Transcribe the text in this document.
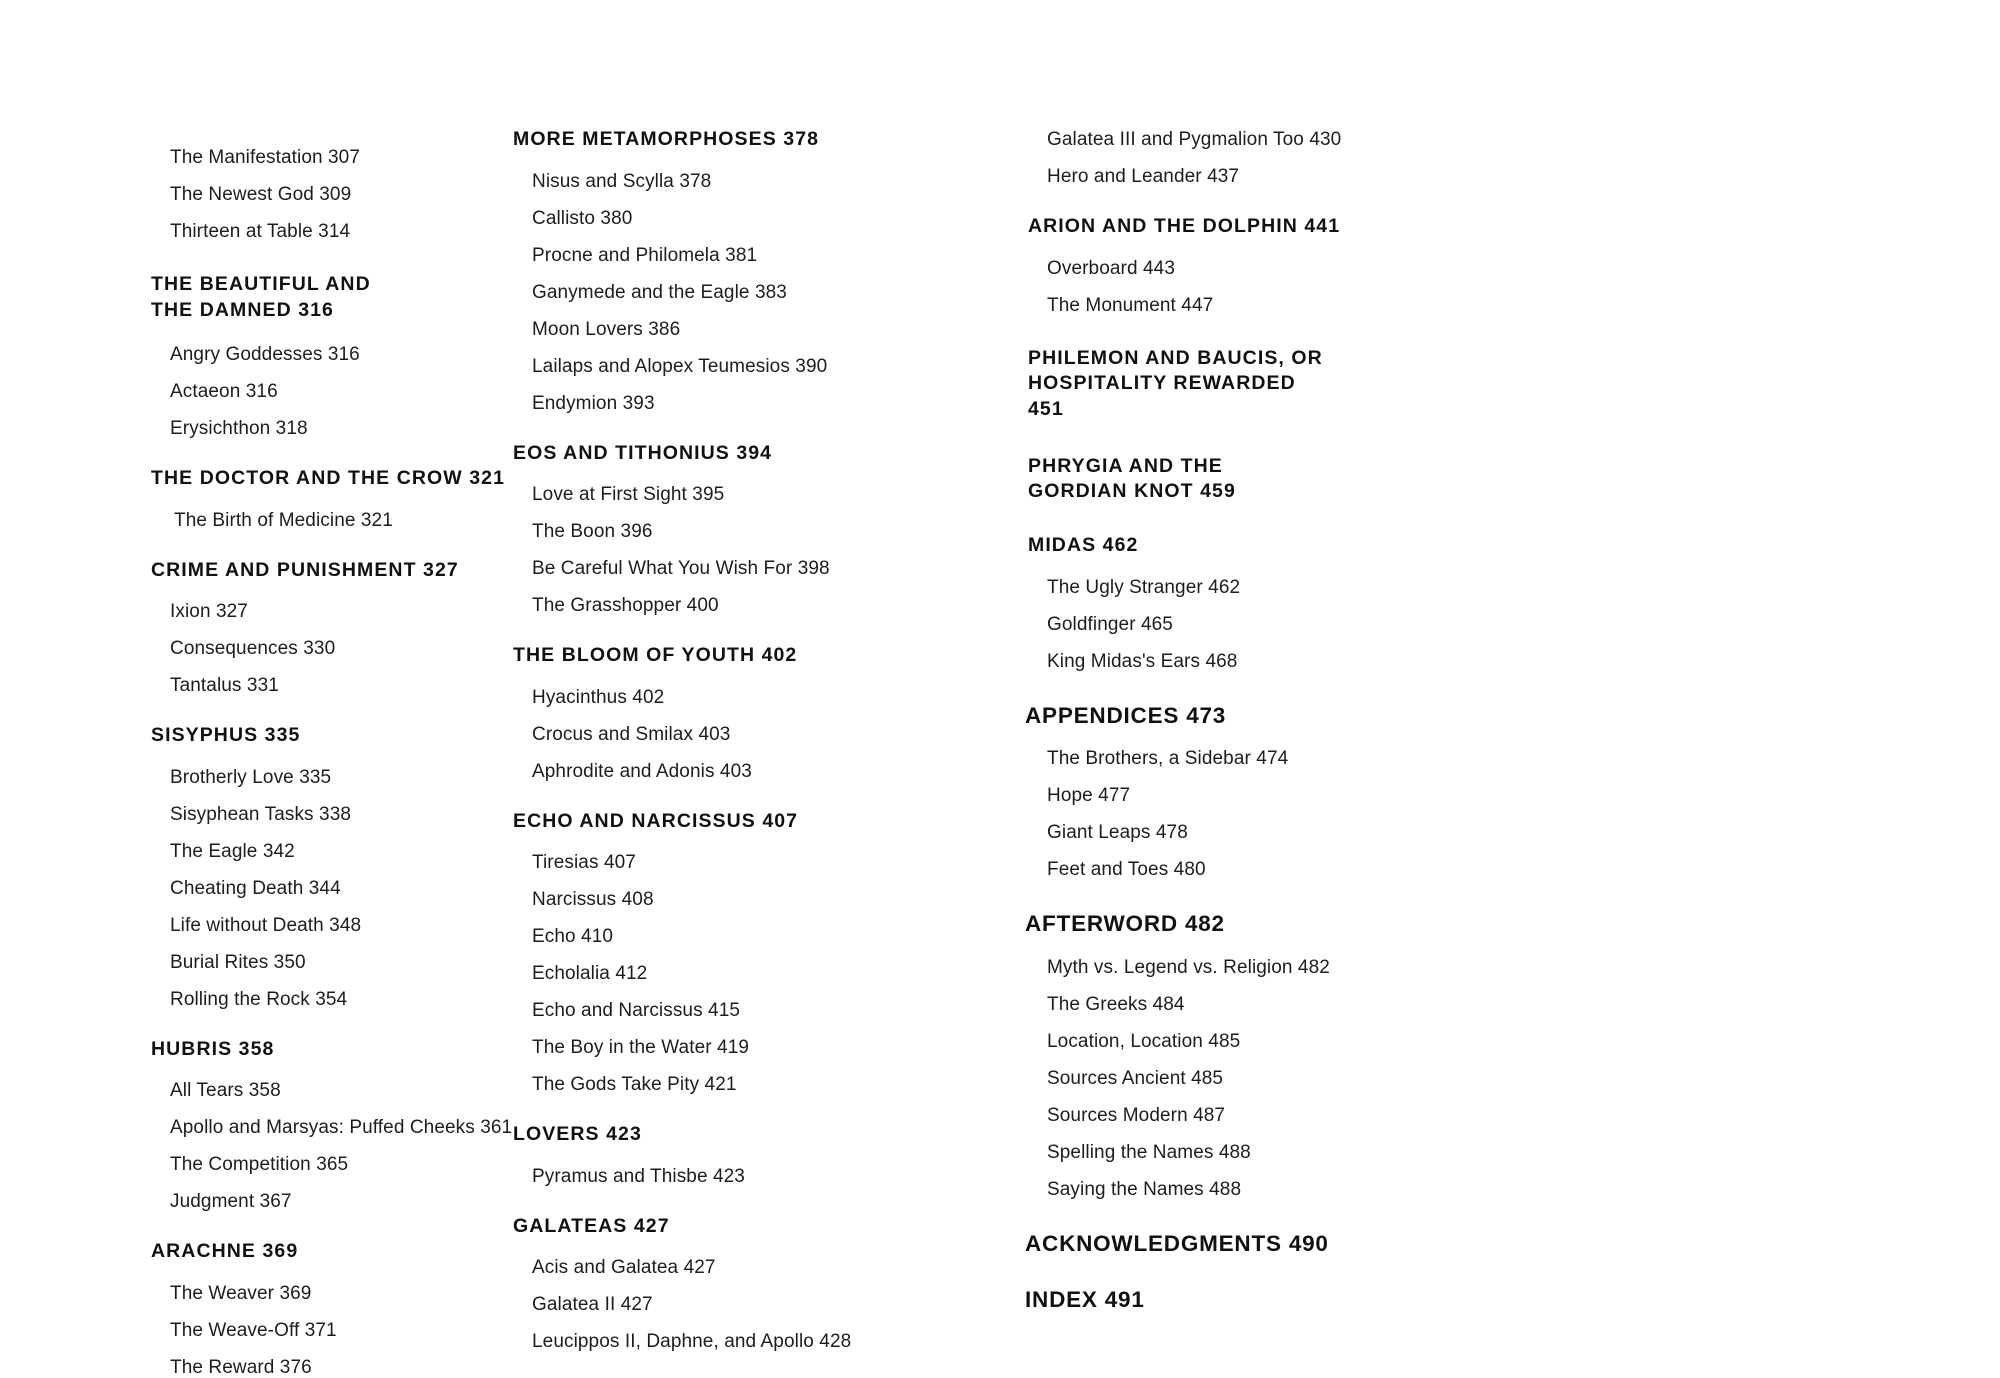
The Manifestation 307
The Newest God 309
Thirteen at Table 314
THE BEAUTIFUL AND THE DAMNED 316
Angry Goddesses 316
Actaeon 316
Erysichthon 318
THE DOCTOR AND THE CROW 321
The Birth of Medicine 321
CRIME AND PUNISHMENT 327
Ixion 327
Consequences 330
Tantalus 331
SISYPHUS 335
Brotherly Love 335
Sisyphean Tasks 338
The Eagle 342
Cheating Death 344
Life without Death 348
Burial Rites 350
Rolling the Rock 354
HUBRIS 358
All Tears 358
Apollo and Marsyas: Puffed Cheeks 361
The Competition 365
Judgment 367
ARACHNE 369
The Weaver 369
The Weave-Off 371
The Reward 376
MORE METAMORPHOSES 378
Nisus and Scylla 378
Callisto 380
Procne and Philomela 381
Ganymede and the Eagle 383
Moon Lovers 386
Lailaps and Alopex Teumesios 390
Endymion 393
EOS AND TITHONIUS 394
Love at First Sight 395
The Boon 396
Be Careful What You Wish For 398
The Grasshopper 400
THE BLOOM OF YOUTH 402
Hyacinthus 402
Crocus and Smilax 403
Aphrodite and Adonis 403
ECHO AND NARCISSUS 407
Tiresias 407
Narcissus 408
Echo 410
Echolalia 412
Echo and Narcissus 415
The Boy in the Water 419
The Gods Take Pity 421
LOVERS 423
Pyramus and Thisbe 423
GALATEAS 427
Acis and Galatea 427
Galatea II 427
Leucippos II, Daphne, and Apollo 428
Galatea III and Pygmalion Too 430
Hero and Leander 437
ARION AND THE DOLPHIN 441
Overboard 443
The Monument 447
PHILEMON AND BAUCIS, OR HOSPITALITY REWARDED 451
PHRYGIA AND THE GORDIAN KNOT 459
MIDAS 462
The Ugly Stranger 462
Goldfinger 465
King Midas's Ears 468
APPENDICES 473
The Brothers, a Sidebar 474
Hope 477
Giant Leaps 478
Feet and Toes 480
AFTERWORD 482
Myth vs. Legend vs. Religion 482
The Greeks 484
Location, Location 485
Sources Ancient 485
Sources Modern 487
Spelling the Names 488
Saying the Names 488
ACKNOWLEDGMENTS 490
INDEX 491
